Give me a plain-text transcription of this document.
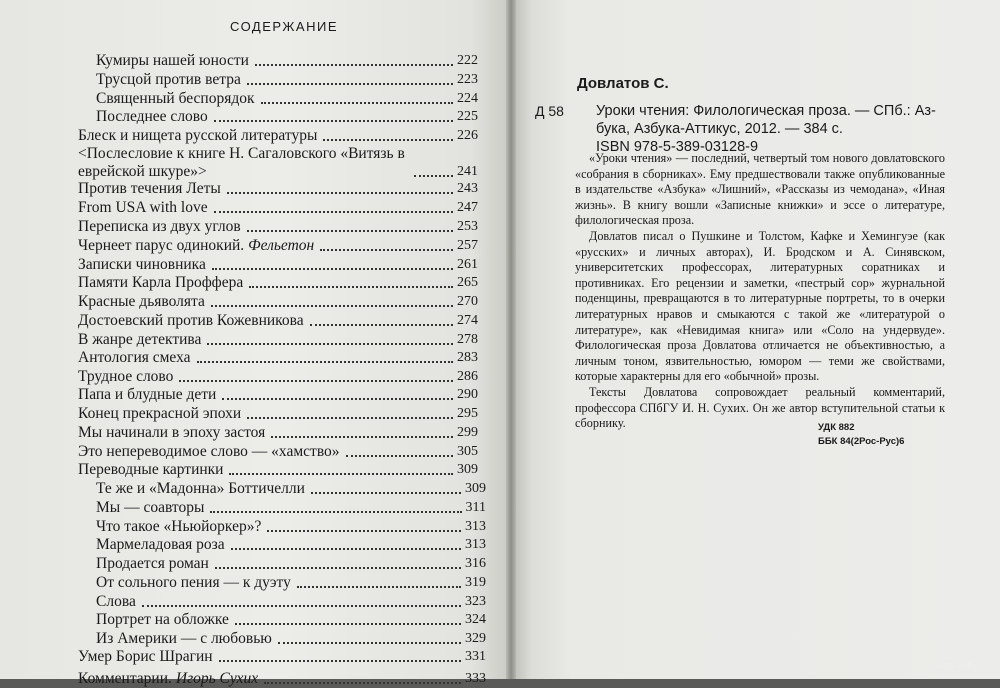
СОДЕРЖАНИЕ
Кумиры нашей юности	222
Трусцой против ветра	223
Священный беспорядок	224
Последнее слово	225
Блеск и нищета русской литературы	226
<Послесловие к книге Н. Сагаловского «Витязь в еврейской шкуре»>	241
Против течения Леты	243
From USA with love	247
Переписка из двух углов	253
Чернеет парус одинокий. Фельетон	257
Записки чиновника	261
Памяти Карла Проффера	265
Красные дьяволята	270
Достоевский против Кожевникова	274
В жанре детектива	278
Антология смеха	283
Трудное слово	286
Папа и блудные дети	290
Конец прекрасной эпохи	295
Мы начинали в эпоху застоя	299
Это непереводимое слово — «хамство»	305
Переводные картинки	309
Те же и «Мадонна» Боттичелли	309
Мы — соавторы	311
Что такое «Ньюйоркер»?	313
Мармеладовая роза	313
Продается роман	316
От сольного пения — к дуэту	319
Слова	323
Портрет на обложке	324
Из Америки — с любовью	329
Умер Борис Шрагин	331
Комментарии. Игорь Сухих	333
Довлатов С.
Д 58 Уроки чтения: Филологическая проза. — СПб.: Аз-
бука, Азбука-Аттикус, 2012. — 384 с.
ISBN 978-5-389-03128-9

«Уроки чтения» — последний, четвертый том нового довлатовского «собрания в сборниках». Ему предшествовали также опубликованные в издательстве «Азбука» «Лишний», «Рассказы из чемодана», «Иная жизнь». В книгу вошли «Записные книжки» и эссе о литературе, филологическая проза.

Довлатов писал о Пушкине и Толстом, Кафке и Хемингуэе (как «русских» и личных авторах), И. Бродском и А. Синявском, университетских профессорах, литературных соратниках и противниках. Его рецензии и заметки, «пестрый сор» журнальной поденщины, превращаются в то литературные портреты, то в очерки литературных нравов и смыкаются с такой же «литературой о литературе», как «Невидимая книга» или «Соло на ундервуде». Филологическая проза Довлатова отличается не объективностью, а личным тоном, язвительностью, юмором — теми же свойствами, которые характерны для его «обычной» прозы.

Тексты Довлатова сопровождает реальный комментарий, профессора СПбГУ И. Н. Сухих. Он же автор вступительной статьи к сборнику.	УДК 882
ББК 84(2Рос-Рус)6
www.ay.by
